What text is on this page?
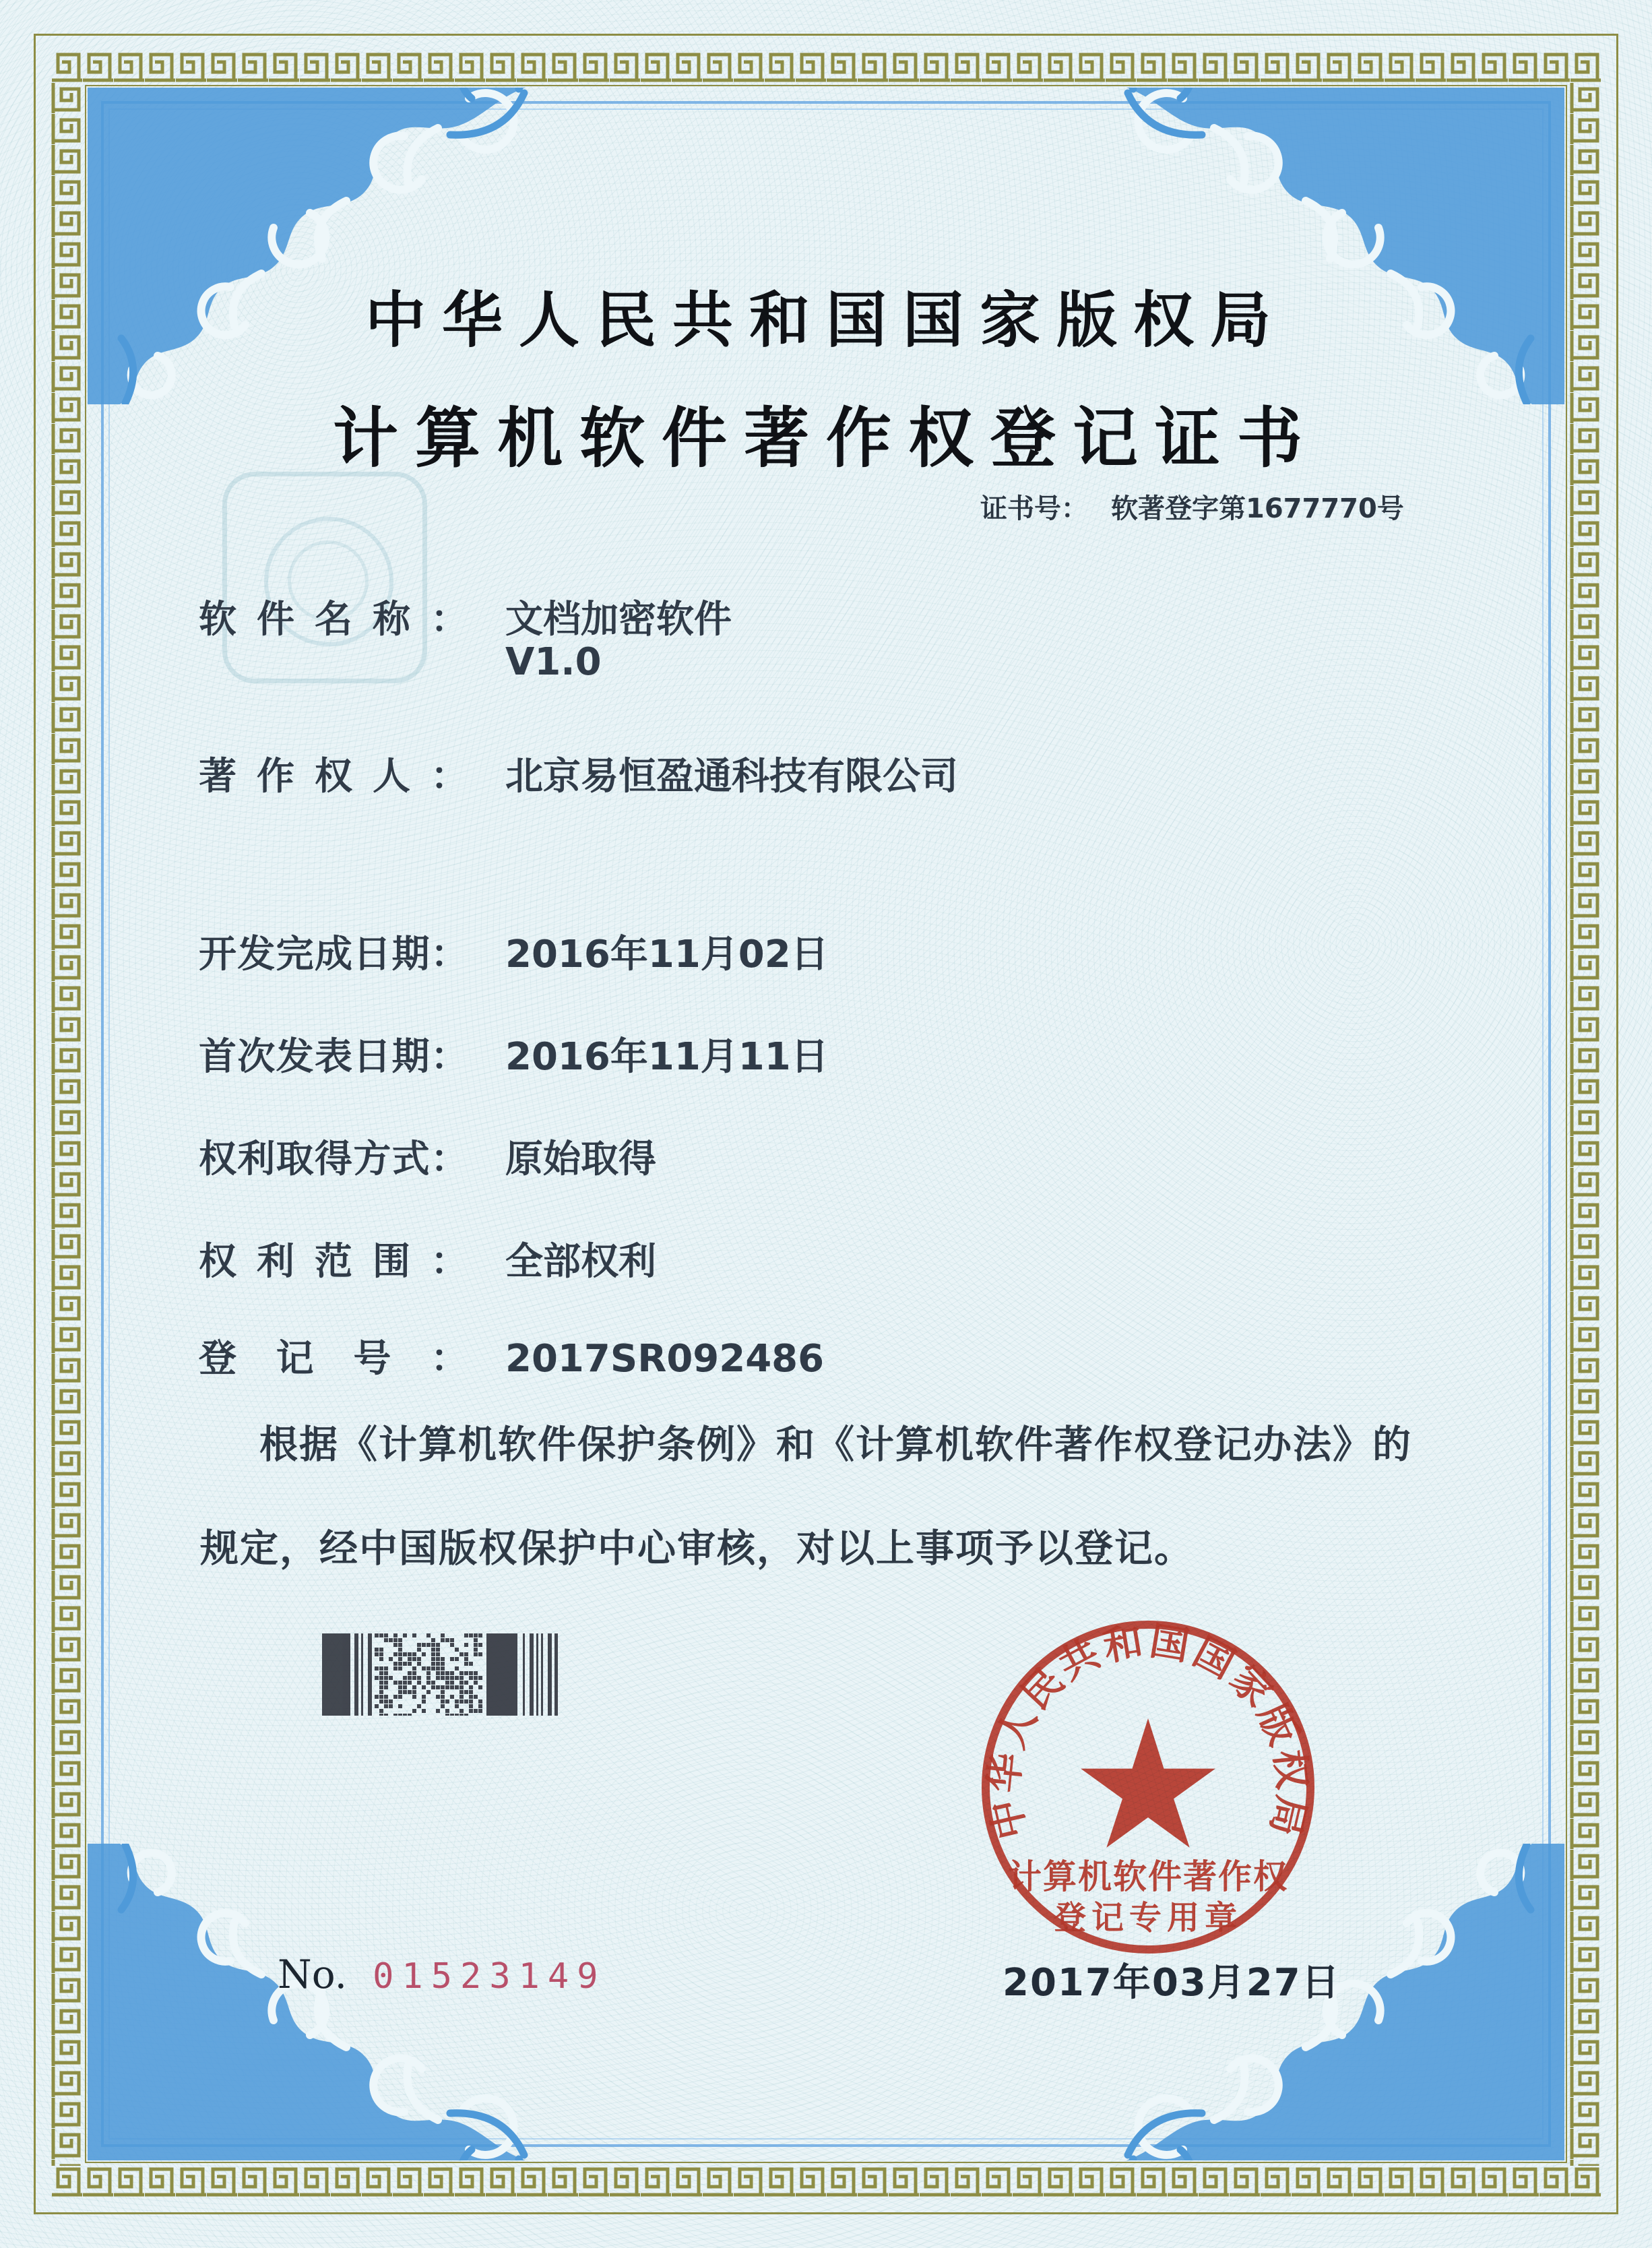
中华人民共和国国家版权局
计算机软件著作权登记证书
证书号： 软著登字第1677770号
软件名称： 文档加密软件
V1.0
著作权人： 北京易恒盈通科技有限公司
开发完成日期： 2016年11月02日
首次发表日期： 2016年11月11日
权利取得方式： 原始取得
权利范围： 全部权利
登记号： 2017SR092486
根据《计算机软件保护条例》和《计算机软件著作权登记办法》的
规定，经中国版权保护中心审核，对以上事项予以登记。
中华人民共和国国家版权局
计算机软件著作权
登记专用章
2017年03月27日
No. 01523149
